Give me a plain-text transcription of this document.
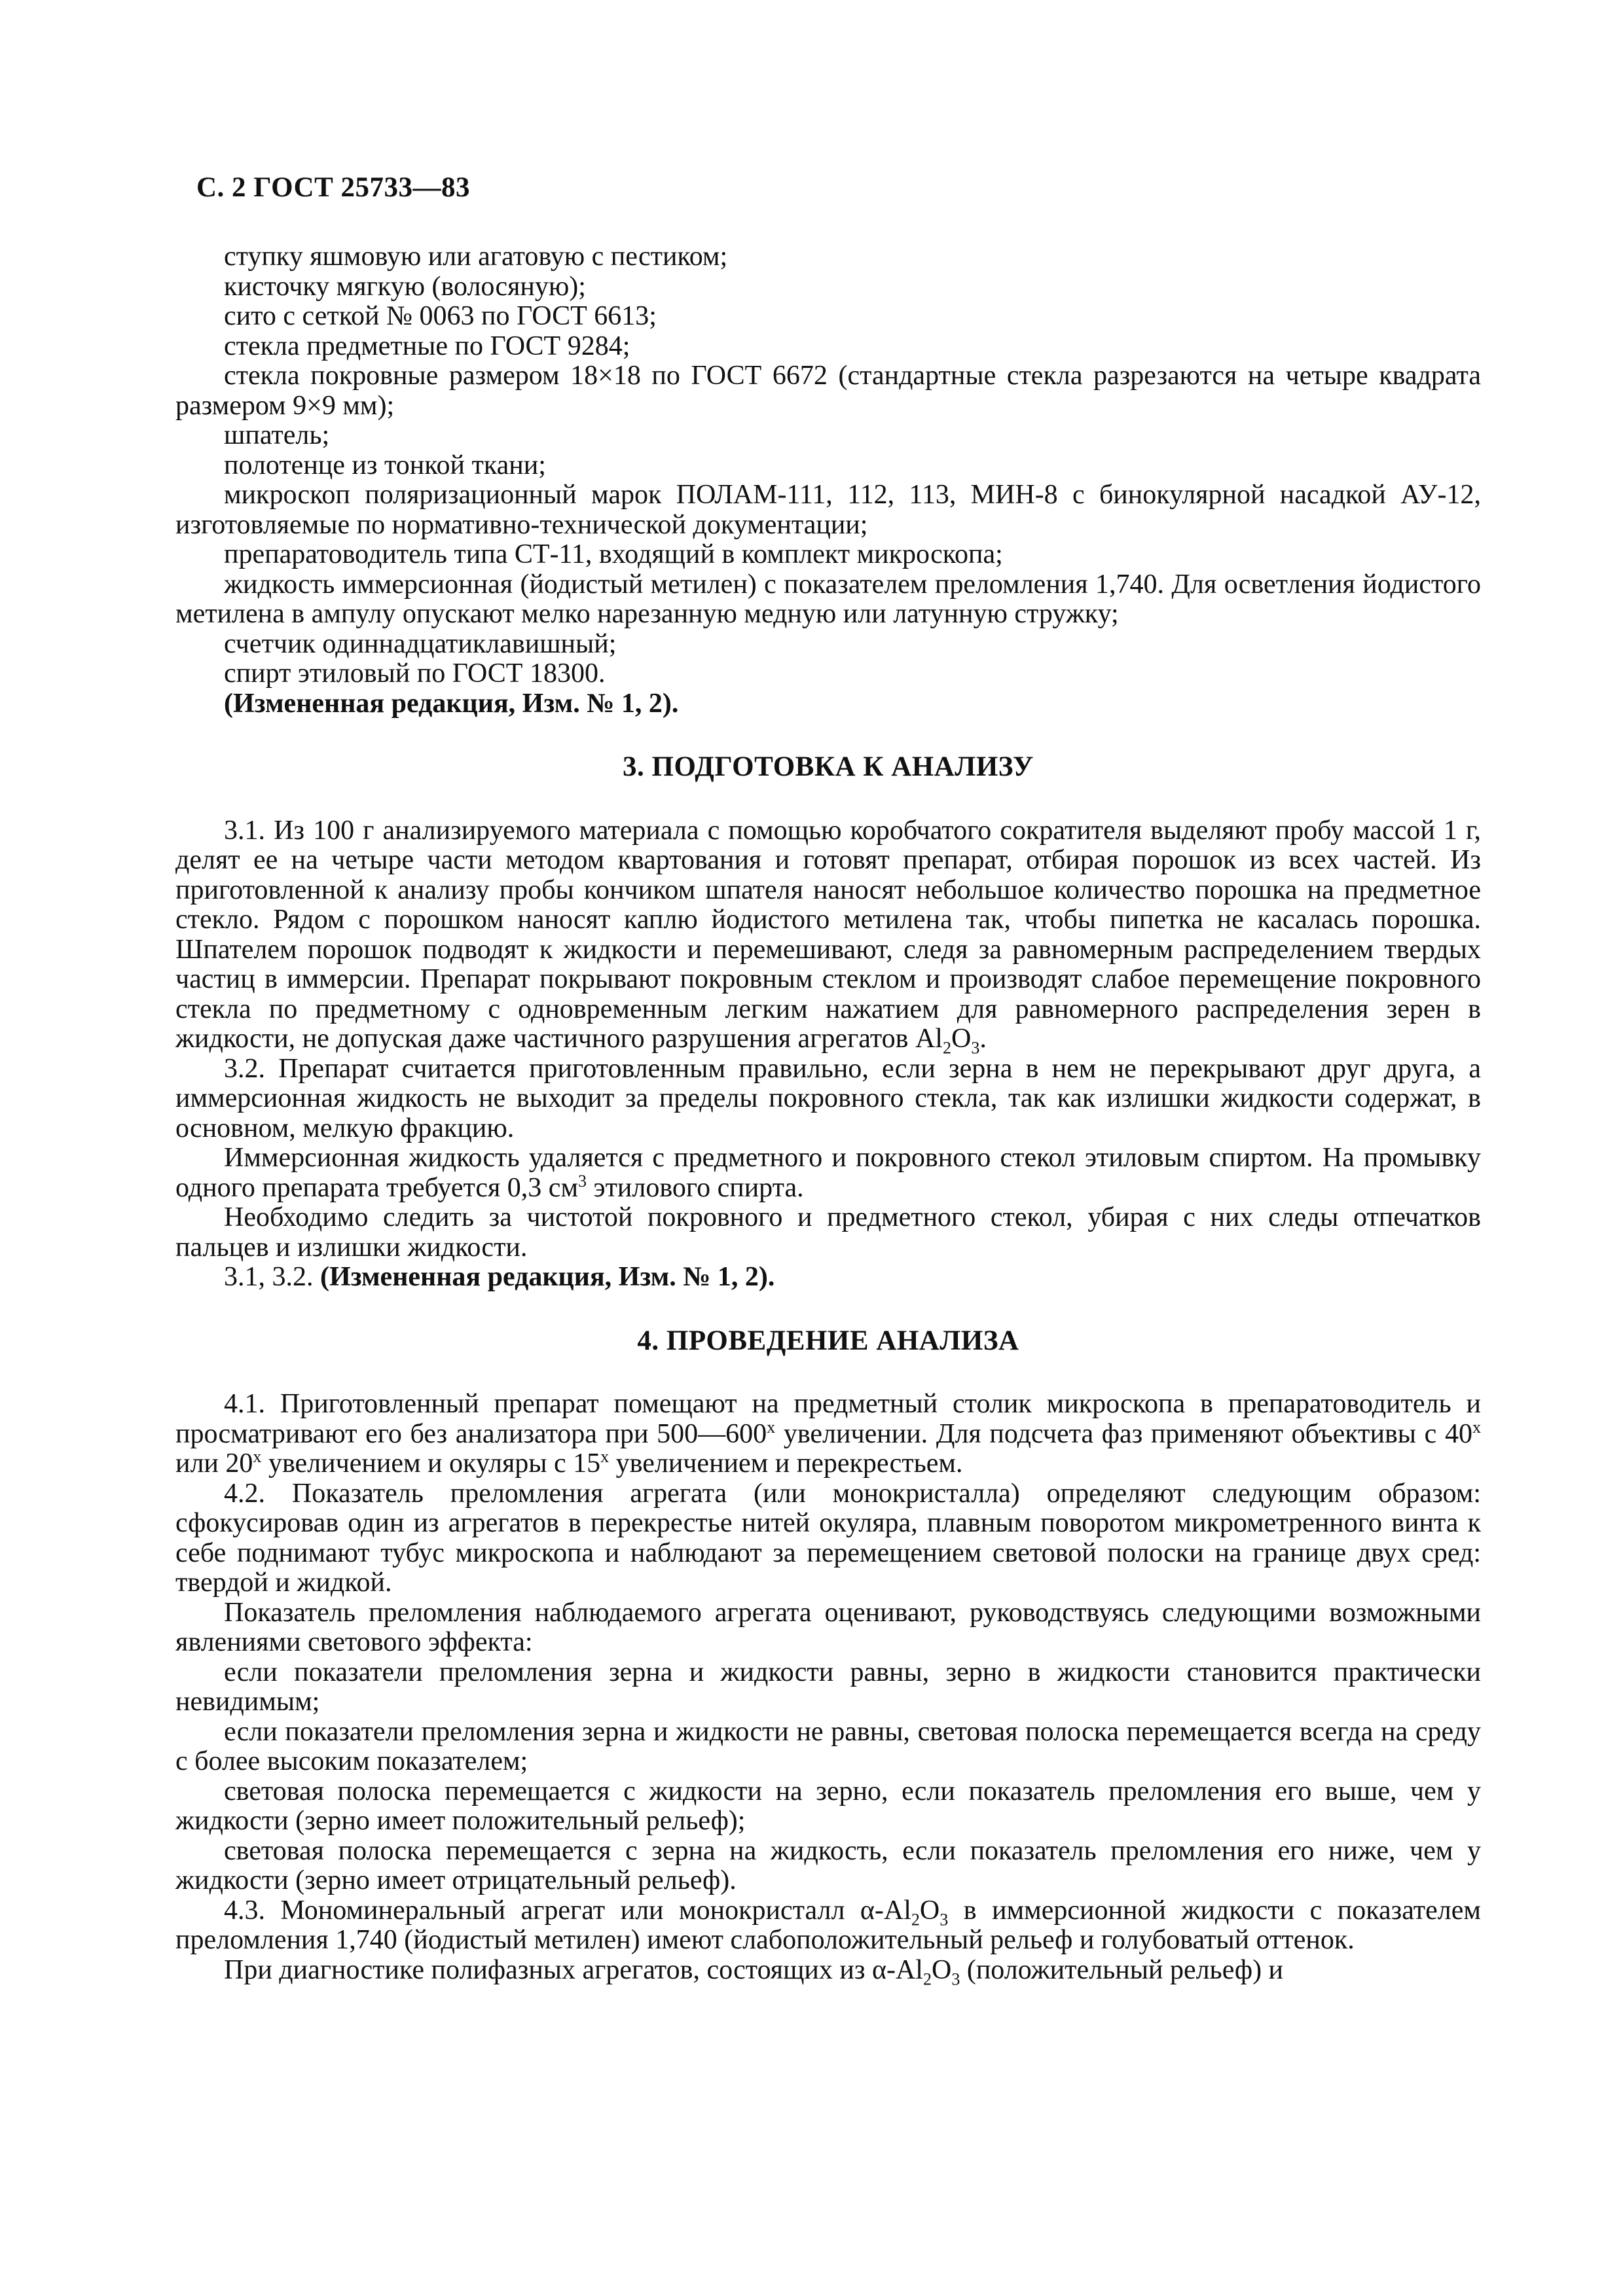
С. 2 ГОСТ 25733—83

ступку яшмовую или агатовую с пестиком;

кисточку мягкую (волосяную);

сито с сеткой № 0063 по ГОСТ 6613;

стекла предметные по ГОСТ 9284;

стекла покровные размером 18×18 по ГОСТ 6672 (стандартные стекла разрезаются на четыре квадрата размером 9×9 мм);

шпатель;

полотенце из тонкой ткани;

микроскоп поляризационный марок ПОЛАМ-111, 112, 113, МИН-8 с бинокулярной насадкой АУ-12, изготовляемые по нормативно-технической документации;

препаратоводитель типа СТ-11, входящий в комплект микроскопа;

жидкость иммерсионная (йодистый метилен) с показателем преломления 1,740. Для осветления йодистого метилена в ампулу опускают мелко нарезанную медную или латунную стружку;

счетчик одиннадцатиклавишный;

спирт этиловый по ГОСТ 18300.

(Измененная редакция, Изм. № 1, 2).

3. ПОДГОТОВКА К АНАЛИЗУ

3.1. Из 100 г анализируемого материала с помощью коробчатого сократителя выделяют пробу массой 1 г, делят ее на четыре части методом квартования и готовят препарат, отбирая порошок из всех частей. Из приготовленной к анализу пробы кончиком шпателя наносят небольшое количество порошка на предметное стекло. Рядом с порошком наносят каплю йодистого метилена так, чтобы пипетка не касалась порошка. Шпателем порошок подводят к жидкости и перемешивают, следя за равномерным распределением твердых частиц в иммерсии. Препарат покрывают покровным стеклом и производят слабое перемещение покровного стекла по предметному с одновременным легким нажатием для равномерного распределения зерен в жидкости, не допуская даже частичного разрушения агрегатов $Al_2O_3$.

3.2. Препарат считается приготовленным правильно, если зерна в нем не перекрывают друг друга, а иммерсионная жидкость не выходит за пределы покровного стекла, так как излишки жидкости содержат, в основном, мелкую фракцию.

Иммерсионная жидкость удаляется с предметного и покровного стекол этиловым спиртом. На промывку одного препарата требуется 0,3 $см^3$ этилового спирта.

Необходимо следить за чистотой покровного и предметного стекол, убирая с них следы отпечатков пальцев и излишки жидкости.

3.1, 3.2. (Измененная редакция, Изм. № 1, 2).

4. ПРОВЕДЕНИЕ АНАЛИЗА

4.1. Приготовленный препарат помещают на предметный столик микроскопа в препаратоводитель и просматривают его без анализатора при $500—600^х$ увеличении. Для подсчета фаз применяют объективы с $40^х$ или $20^х$ увеличением и окуляры с $15^х$ увеличением и перекрестьем.

4.2. Показатель преломления агрегата (или монокристалла) определяют следующим образом: сфокусировав один из агрегатов в перекрестье нитей окуляра, плавным поворотом микрометренного винта к себе поднимают тубус микроскопа и наблюдают за перемещением световой полоски на границе двух сред: твердой и жидкой.

Показатель преломления наблюдаемого агрегата оценивают, руководствуясь следующими возможными явлениями светового эффекта:

если показатели преломления зерна и жидкости равны, зерно в жидкости становится практически невидимым;

если показатели преломления зерна и жидкости не равны, световая полоска перемещается всегда на среду с более высоким показателем;

световая полоска перемещается с жидкости на зерно, если показатель преломления его выше, чем у жидкости (зерно имеет положительный рельеф);

световая полоска перемещается с зерна на жидкость, если показатель преломления его ниже, чем у жидкости (зерно имеет отрицательный рельеф).

4.3. Мономинеральный агрегат или монокристалл $\alpha-Al_2O_3$ в иммерсионной жидкости с показателем преломления 1,740 (йодистый метилен) имеют слабоположительный рельеф и голубоватый оттенок.

При диагностике полифазных агрегатов, состоящих из $\alpha-Al_2O_3$ (положительный рельеф) и
